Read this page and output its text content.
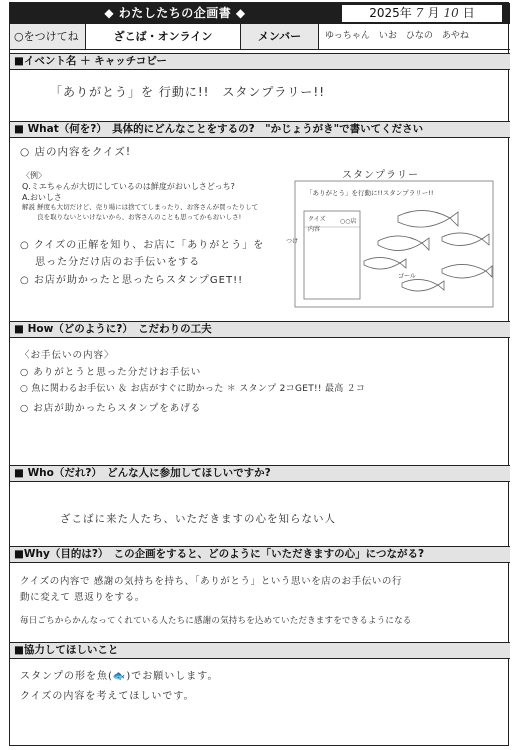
◆ わたしたちの企画書 ◆	2025年 7 月 10 日
○をつけてね	ざこば・オンライン	メンバー	ゆっちゃん　いお　ひなの　あやね
■イベント名 ＋ キャッチコピー
「ありがとう」を 行動に!!　スタンプラリー!!
■ What（何を?）　具体的にどんなことをするの?　"かじょうがき"で書いてください
○ 店の内容をクイズ!
〈例〉
Q.ミエちゃんが大切にしているのは鮮度がおいしさどっち?
A.おいしさ
解説 鮮度も大切だけど、売り場には捨ててしまったり、お客さんが買ったりして
　　 良を取りないといけないから、お客さんのことも思ってかもおいしさ!
○ クイズの正解を知り、お店に「ありがとう」を
　 思った分だけ店のお手伝いをする
○ お店が助かったと思ったらスタンプGET!!
スタンプラリー
「ありがとう」を行動に!!スタンプラリー!!
クイズ ○○店
内容
つけ
ゴール
■ How（どのように?）　こだわりの工夫
〈お手伝いの内容〉
○ ありがとうと思った分だけお手伝い
○ 魚に関わるお手伝い ＆ お店がすぐに助かった ＊ スタンプ 2コGET!! 最高 ２コ
○ お店が助かったらスタンプをあげる
■ Who（だれ?）　どんな人に参加してほしいですか?
ざこばに来た人たち、いただきますの心を知らない人
■Why（目的は?）　この企画をすると、どのように「いただきますの心」につながる?
クイズの内容で 感謝の気持ちを持ち、「ありがとう」という思いを店のお手伝いの行
動に変えて 恩返りをする。
毎日ごちからかんなってくれている人たちに感謝の気持ちを込めていただきますをできるようになる
■協力してほしいこと
スタンプの形を魚(🐟)でお願いします。
クイズの内容を考えてほしいです。
